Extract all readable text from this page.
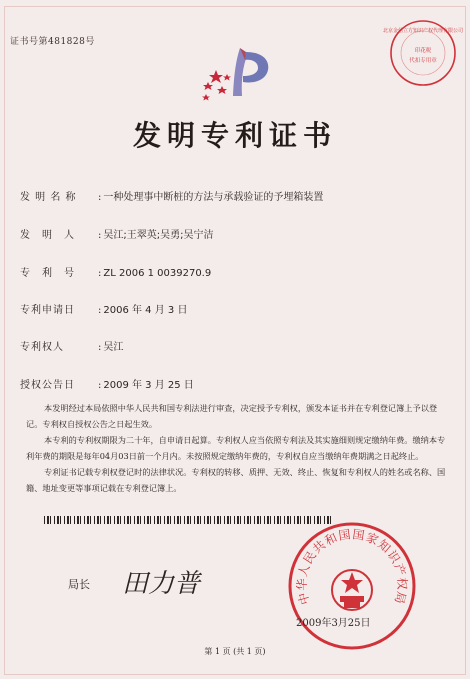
证书号第481828号
北京金信立方知识产权代理有限公司
印花税
代扣专用章
发明专利证书
发 明 名 称 : 一种处理事中断桩的方法与承载验证的予埋箱装置
发　明　人 : 吴江;王翠英;吴勇;吴宁洁
专　利　号 : ZL 2006 1 0039270.9
专利申请日 : 2006 年 4 月 3 日
专利权人	: 吴江
授权公告日 : 2009 年 3 月 25 日

本发明经过本局依照中华人民共和国专利法进行审查，决定授予专利权，颁发本证书并在专利登记簿上予以登记。专利权自授权公告之日起生效。

本专利的专利权期限为二十年，自申请日起算。专利权人应当依照专利法及其实施细则规定缴纳年费。缴纳本专利年费的期限是每年04月03日前一个月内。未按照规定缴纳年费的，专利权自应当缴纳年费期满之日起终止。

专利证书记载专利权登记时的法律状况。专利权的转移、质押、无效、终止、恢复和专利权人的姓名或名称、国籍、地址变更等事项记载在专利登记簿上。

局长 田力普	中华人民共和国国家知识产权局
2009年3月25日
第 1 页 (共 1 页)
